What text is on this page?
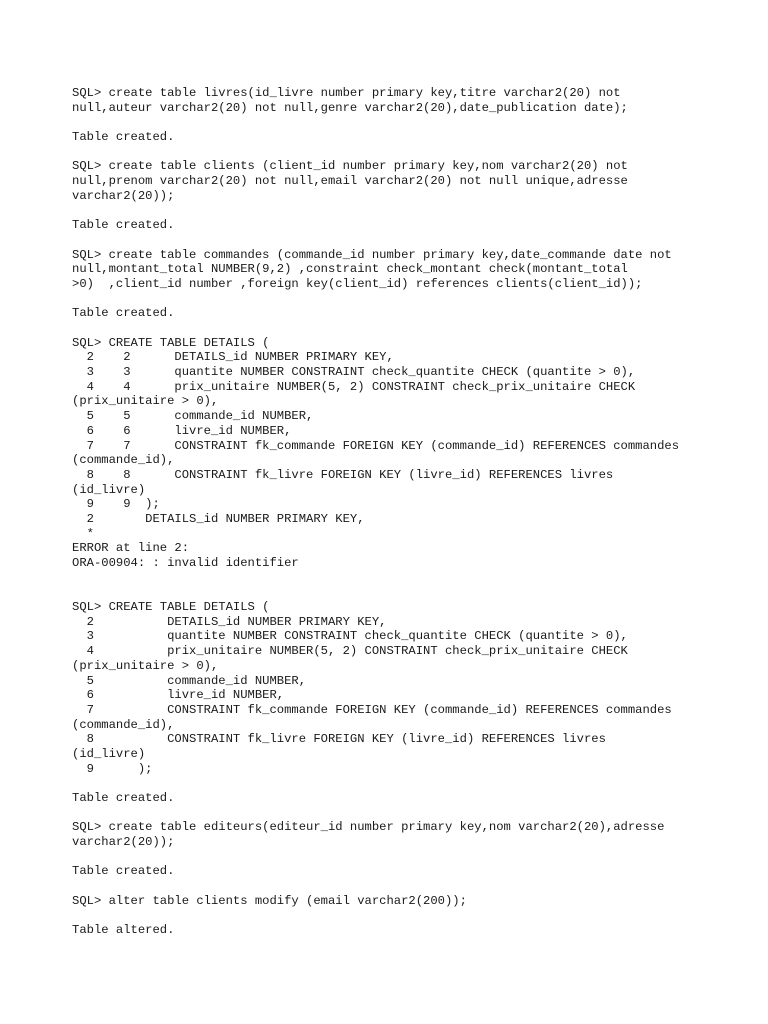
SQL> create table livres(id_livre number primary key,titre varchar2(20) not
null,auteur varchar2(20) not null,genre varchar2(20),date_publication date);
Table created.
SQL> create table clients (client_id number primary key,nom varchar2(20) not
null,prenom varchar2(20) not null,email varchar2(20) not null unique,adresse
varchar2(20));
Table created.
SQL> create table commandes (commande_id number primary key,date_commande date not
null,montant_total NUMBER(9,2) ,constraint check_montant check(montant_total
>0)  ,client_id number ,foreign key(client_id) references clients(client_id));
Table created.
SQL> CREATE TABLE DETAILS (
2    2      DETAILS_id NUMBER PRIMARY KEY,
3    3      quantite NUMBER CONSTRAINT check_quantite CHECK (quantite > 0),
4    4      prix_unitaire NUMBER(5, 2) CONSTRAINT check_prix_unitaire CHECK
(prix_unitaire > 0),
5    5      commande_id NUMBER,
6    6      livre_id NUMBER,
7    7      CONSTRAINT fk_commande FOREIGN KEY (commande_id) REFERENCES commandes
(commande_id),
8    8      CONSTRAINT fk_livre FOREIGN KEY (livre_id) REFERENCES livres
(id_livre)
9    9  );
2       DETAILS_id NUMBER PRIMARY KEY,
*
ERROR at line 2:
ORA-00904: : invalid identifier
SQL> CREATE TABLE DETAILS (
2          DETAILS_id NUMBER PRIMARY KEY,
3          quantite NUMBER CONSTRAINT check_quantite CHECK (quantite > 0),
4          prix_unitaire NUMBER(5, 2) CONSTRAINT check_prix_unitaire CHECK
(prix_unitaire > 0),
5          commande_id NUMBER,
6          livre_id NUMBER,
7          CONSTRAINT fk_commande FOREIGN KEY (commande_id) REFERENCES commandes
(commande_id),
8          CONSTRAINT fk_livre FOREIGN KEY (livre_id) REFERENCES livres
(id_livre)
9      );
Table created.
SQL> create table editeurs(editeur_id number primary key,nom varchar2(20),adresse
varchar2(20));
Table created.
SQL> alter table clients modify (email varchar2(200));
Table altered.
